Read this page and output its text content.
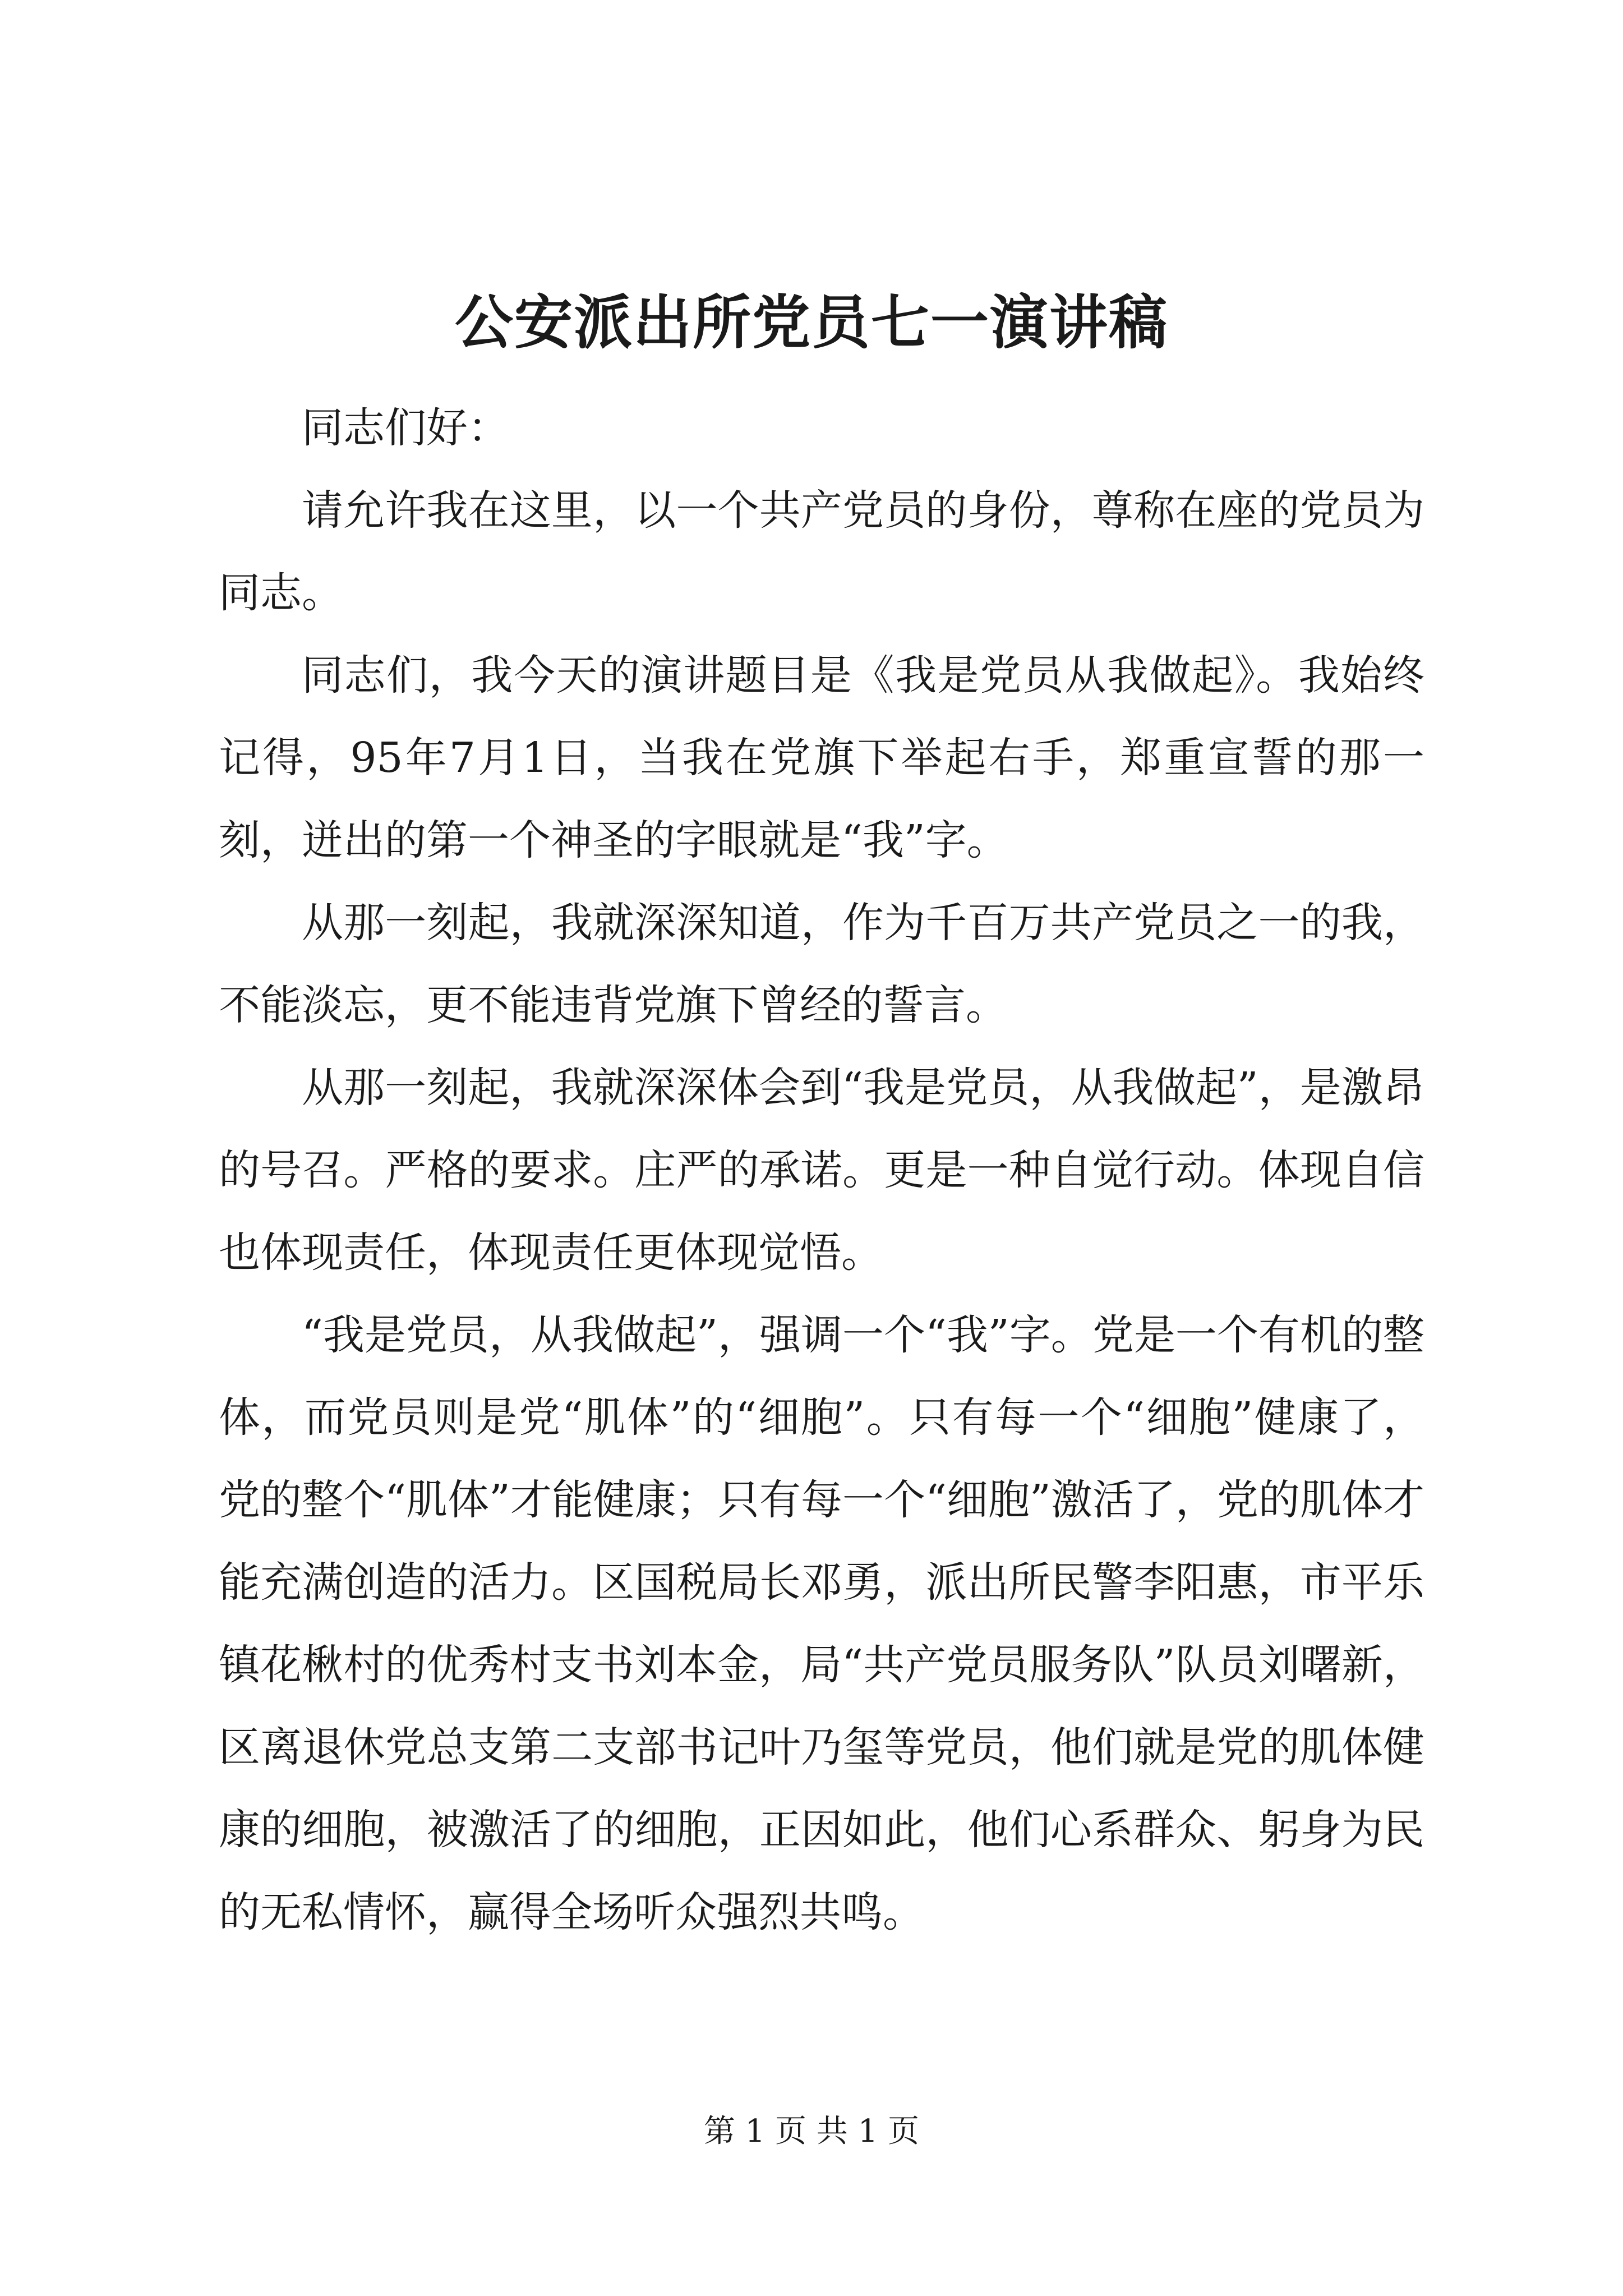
公安派出所党员七一演讲稿

同志们好：

请允许我在这里，以一个共产党员的身份，尊称在座的党员为同志。

同志们，我今天的演讲题目是《我是党员从我做起》。我始终记得，95年7月1日，当我在党旗下举起右手，郑重宣誓的那一刻，迸出的第一个神圣的字眼就是“我”字。

从那一刻起，我就深深知道，作为千百万共产党员之一的我，不能淡忘，更不能违背党旗下曾经的誓言。

从那一刻起，我就深深体会到“我是党员，从我做起”，是激昂的号召。严格的要求。庄严的承诺。更是一种自觉行动。体现自信也体现责任，体现责任更体现觉悟。

“我是党员，从我做起”，强调一个“我”字。党是一个有机的整体，而党员则是党“肌体”的“细胞”。只有每一个“细胞”健康了，党的整个“肌体”才能健康；只有每一个“细胞”激活了，党的肌体才能充满创造的活力。区国税局长邓勇，派出所民警李阳惠，市平乐镇花楸村的优秀村支书刘本金，局“共产党员服务队”队员刘曙新，区离退休党总支第二支部书记叶乃玺等党员，他们就是党的肌体健康的细胞，被激活了的细胞，正因如此，他们心系群众、躬身为民的无私情怀，赢得全场听众强烈共鸣。

第 1 页 共 1 页
